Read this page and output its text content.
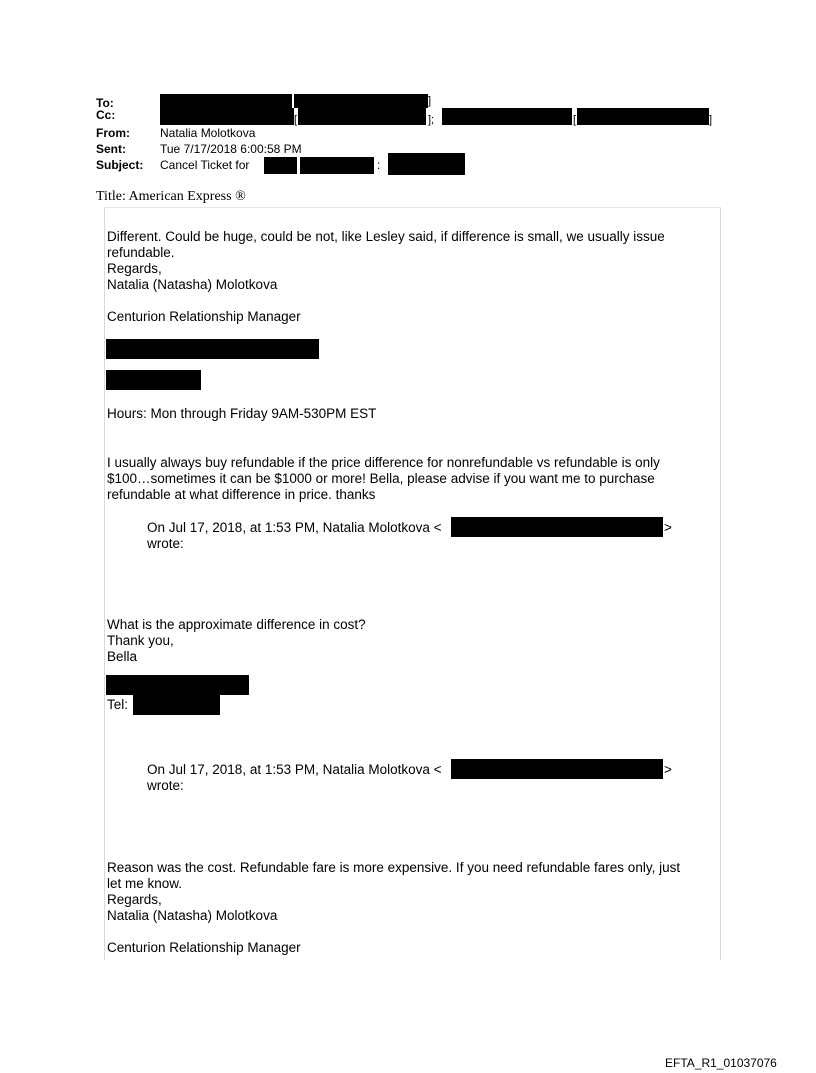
To:	]
Cc:	[	];	[	]
From:	Natalia Molotkova
Sent:	Tue 7/17/2018 6:00:58 PM
Subject: Cancel Ticket for	:
Title: American Express ®
Different. Could be huge, could be not, like Lesley said, if difference is small, we usually issue
refundable.
Regards,
Natalia (Natasha) Molotkova
Centurion Relationship Manager
Hours: Mon through Friday 9AM-530PM EST
I usually always buy refundable if the price difference for nonrefundable vs refundable is only
$100…sometimes it can be $1000 or more! Bella, please advise if you want me to purchase
refundable at what difference in price. thanks
On Jul 17, 2018, at 1:53 PM, Natalia Molotkova <	>
wrote:
What is the approximate difference in cost?
Thank you,
Bella
Tel:
On Jul 17, 2018, at 1:53 PM, Natalia Molotkova <	>
wrote:
Reason was the cost. Refundable fare is more expensive. If you need refundable fares only, just
let me know.
Regards,
Natalia (Natasha) Molotkova
Centurion Relationship Manager
EFTA_R1_01037076
